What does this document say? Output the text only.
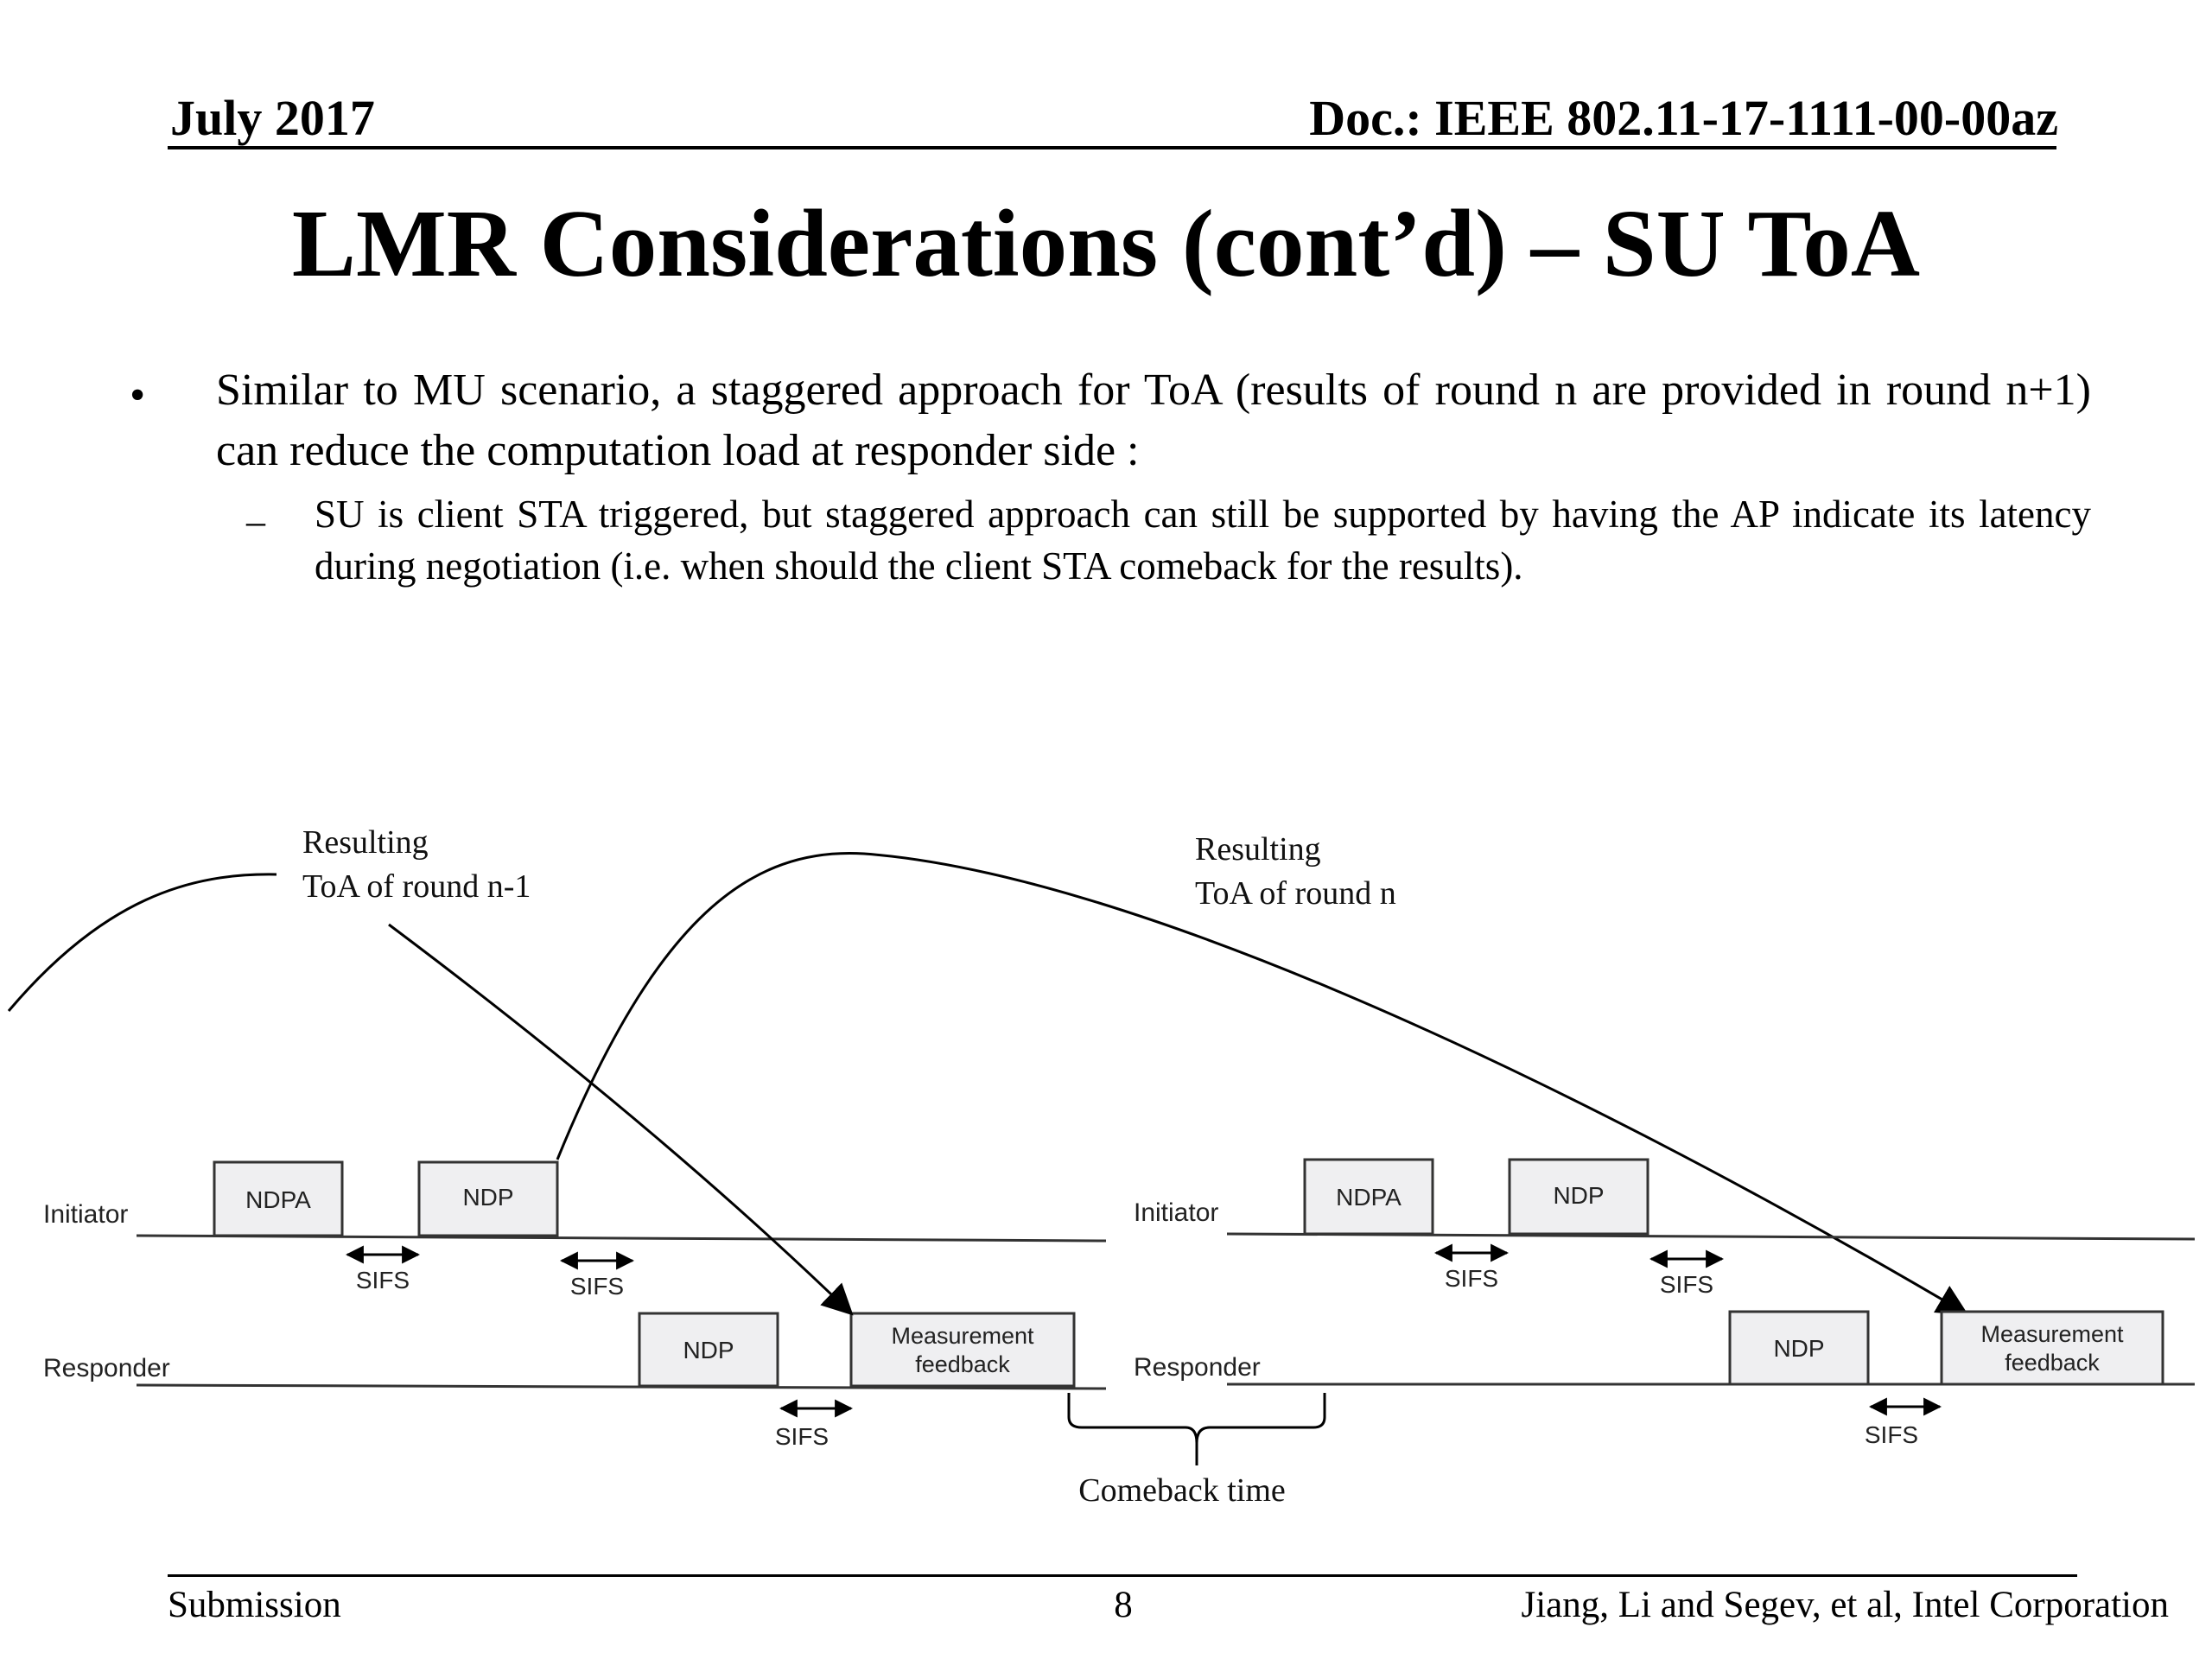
July 2017	Doc.: IEEE 802.11-17-1111-00-00az
LMR Considerations (cont’d) – SU ToA
•	Similar to MU scenario, a staggered approach for ToA (results of round n are provided in round n+1) can reduce the computation load at responder side :
– SU is client STA triggered, but staggered approach can still be supported by having the AP indicate its latency during negotiation (i.e. when should the client STA comeback for the results).
Initiator
Responder
NDPA	NDP
NDP
Measurement
feedback
SIFS	SIFS
SIFS
Resulting
ToA of round n-1
Comeback time
Initiator
Responder
NDPA	NDP
NDP
Measurement
feedback
SIFS	SIFS
SIFS
Resulting
ToA of round n
Submission	8	Jiang, Li and Segev, et al, Intel Corporation
